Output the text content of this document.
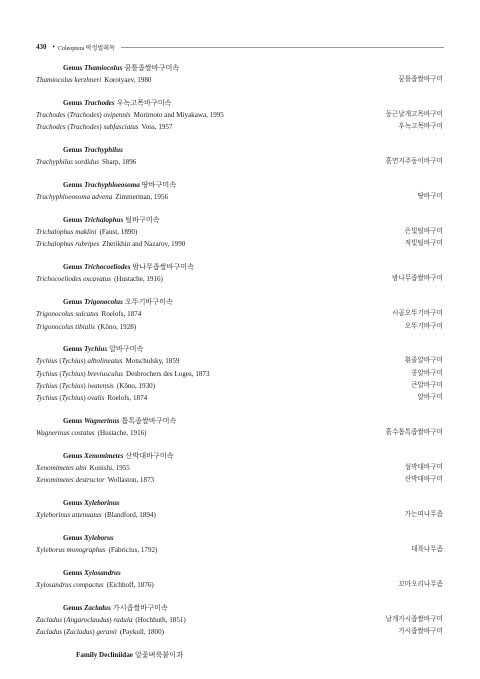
430 • Coleoptera 딱정벌레목
Genus Thamiocolus 꿈틀좁쌀바구미속
Thamiocolus kerzhneri Korotyaev, 1980	꿈틀좁쌀바구미
Genus Trachodes 우녹고목바구미속
Trachodes (Trachodes) ovipennis Morimoto and Miyakawa, 1995	둥근날개고목바구미
Trachodes (Trachodes) subfasciatus Voss, 1957	우녹고목바구미
Genus Trachyphilus
Trachyphilus sordidus Sharp, 1896	흙먼지주둥이바구미
Genus Trachyphloeosoma 땅바구미속
Trachyphloeosoma advena Zimmerman, 1956	땅바구미
Genus Trichalophus 털바구미속
Trichalophus maklini (Faust, 1890)	은빛털바구미
Trichalophus rubripes Zherikhin and Nazarov, 1990	적빛털바구미
Genus Trichocoeliodes 밤나무좁쌀바구미속
Trichocoeliodes excavatus (Hustache, 1916)	밤나무좁쌀바구미
Genus Trigonocolus 오뚜기바구미속
Trigonocolus sulcatus Roelofs, 1874	시골오뚜기바구미
Trigonocolus tibialis (Kôno, 1928)	오뚜기바구미
Genus Tychius 알바구미속
Tychius (Tychius) albolineatus Motschulsky, 1859	흰줄알바구미
Tychius (Tychius) breviusculus Desbrochers des Loges, 1873	콩알바구미
Tychius (Tychius) iwatensis (Kôno, 1930)	큰알바구미
Tychius (Tychius) ovalis Roelofs, 1874	알바구미
Genus Wagnerinus 톱톡좁쌀바구미속
Wagnerinus costatus (Hustache, 1916)	흙수톱톡좁쌀바구미
Genus Xenomimetes 산박대바구미속
Xenomimetes alni Konishi, 1955	섬박대바구미
Xenomimetes destructor Wollaston, 1873	산박대바구미
Genus Xyleborinus
Xyleborinus attenuatus (Blandford, 1894)	가는띠나무좀
Genus Xyleborus
Xyleborus monographus (Fabricius, 1792)	대륙나무좀
Genus Xylosandrus
Xylosandrus compactus (Eichhoff, 1876)	꼬마오리나무좀
Genus Zacladus 가시좁쌀바구미속
Zacladus (Angaroclaudus) radula (Hochhuth, 1851)	날개가시좁쌀바구미
Zacladus (Zacladus) geranii (Paykull, 1800)	가시좁쌀바구미
Family Decliniidae 알꽃벼룩붙이과
